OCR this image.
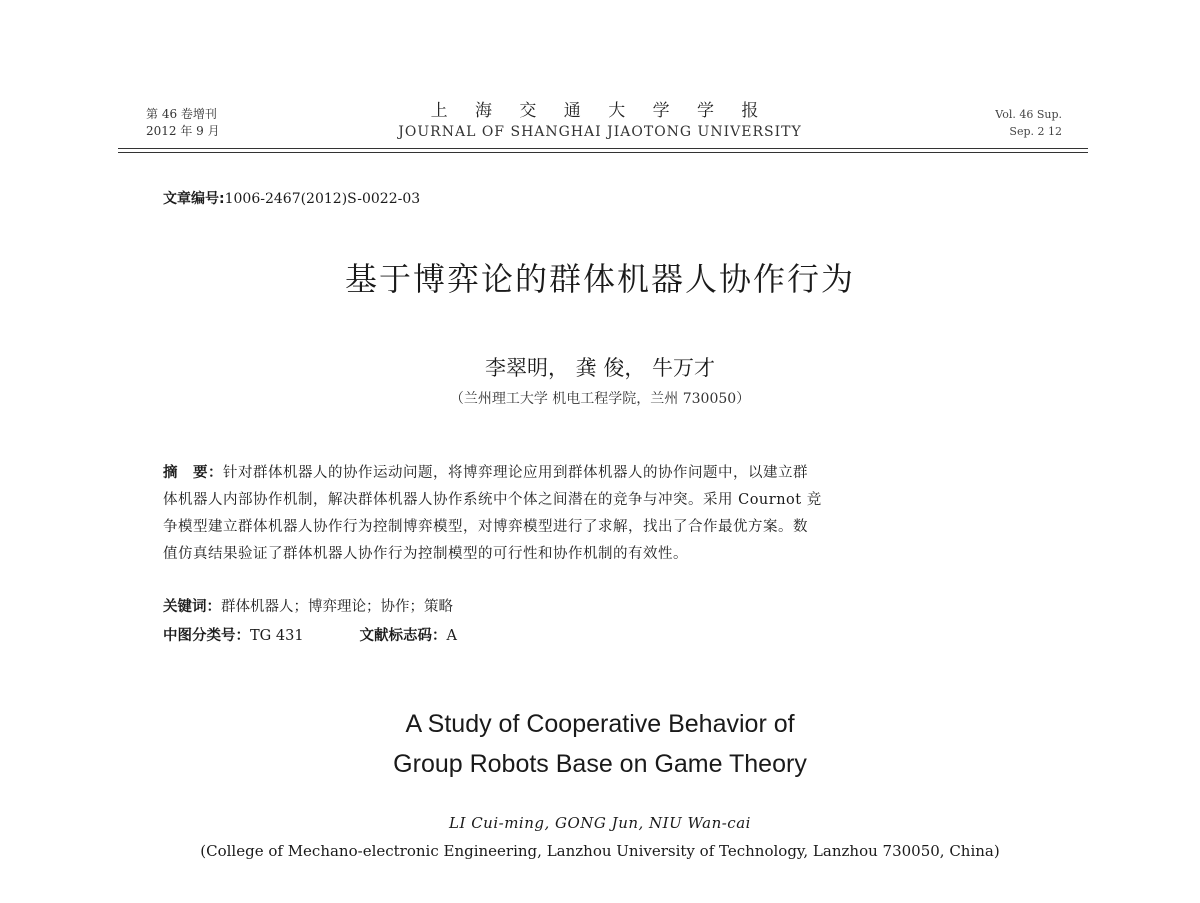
第 46 卷增刊
2012 年 9 月
上 海 交 通 大 学 学 报
JOURNAL OF SHANGHAI JIAOTONG UNIVERSITY
Vol. 46 Sup.
Sep. 2 12
文章编号:1006-2467(2012)S-0022-03
基于博弈论的群体机器人协作行为
李翠明， 龚 俊， 牛万才
（兰州理工大学 机电工程学院，兰州 730050）
摘　要：针对群体机器人的协作运动问题，将博弈理论应用到群体机器人的协作问题中，以建立群
体机器人内部协作机制，解决群体机器人协作系统中个体之间潜在的竞争与冲突。采用 Cournot 竞
争模型建立群体机器人协作行为控制博弈模型，对博弈模型进行了求解，找出了合作最优方案。数
值仿真结果验证了群体机器人协作行为控制模型的可行性和协作机制的有效性。
关键词：群体机器人；博弈理论；协作；策略
中图分类号：TG 431	文献标志码：A
A Study of Cooperative Behavior of
Group Robots Base on Game Theory
LI Cui-ming, GONG Jun, NIU Wan-cai
(College of Mechano-electronic Engineering, Lanzhou University of Technology, Lanzhou 730050, China)
